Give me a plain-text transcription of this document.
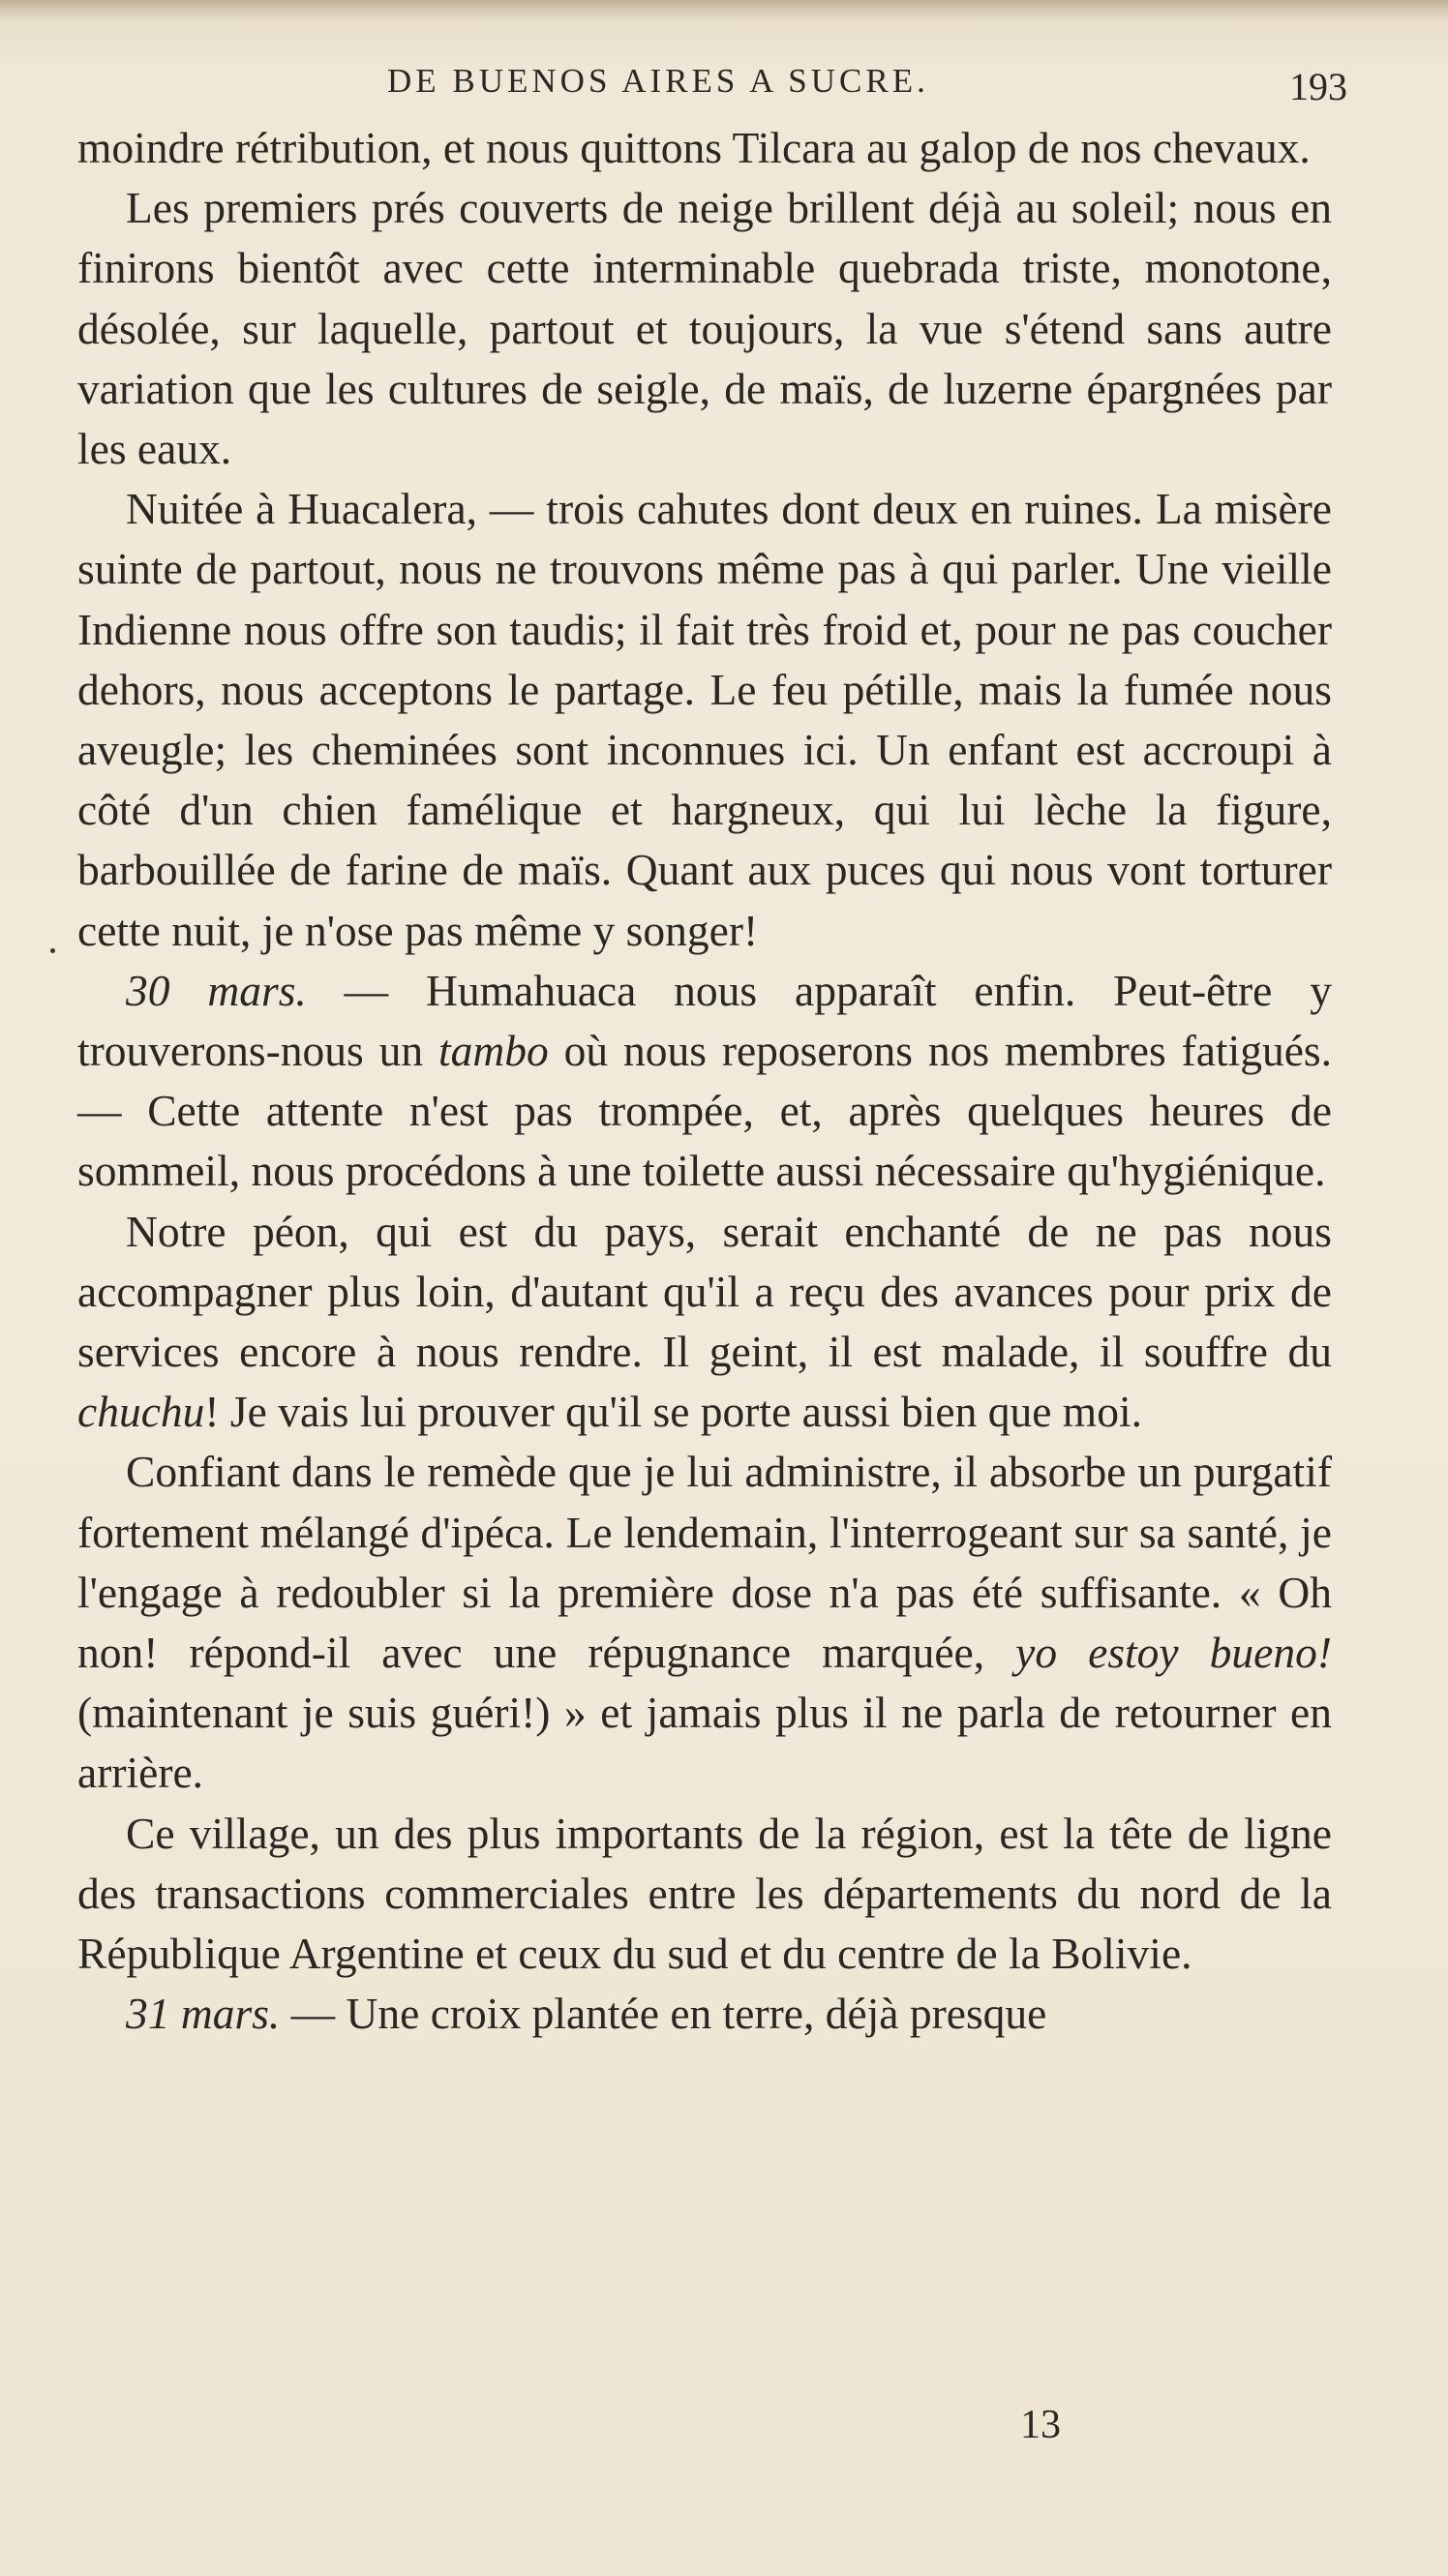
DE BUENOS AIRES A SUCRE.	193

moindre rétribution, et nous quittons Tilcara au galop de nos chevaux.

Les premiers prés couverts de neige brillent déjà au soleil; nous en finirons bientôt avec cette interminable quebrada triste, monotone, désolée, sur laquelle, partout et toujours, la vue s'étend sans autre variation que les cultures de seigle, de maïs, de luzerne épargnées par les eaux.

Nuitée à Huacalera, — trois cahutes dont deux en ruines. La misère suinte de partout, nous ne trouvons même pas à qui parler. Une vieille Indienne nous offre son taudis; il fait très froid et, pour ne pas coucher dehors, nous acceptons le partage. Le feu pétille, mais la fumée nous aveugle; les cheminées sont inconnues ici. Un enfant est accroupi à côté d'un chien famélique et hargneux, qui lui lèche la figure, barbouillée de farine de maïs. Quant aux puces qui nous vont torturer cette nuit, je n'ose pas même y songer!

30 mars. — Humahuaca nous apparaît enfin. Peut-être y trouverons-nous un tambo où nous reposerons nos membres fatigués. — Cette attente n'est pas trompée, et, après quelques heures de sommeil, nous procédons à une toilette aussi nécessaire qu'hygiénique.

Notre péon, qui est du pays, serait enchanté de ne pas nous accompagner plus loin, d'autant qu'il a reçu des avances pour prix de services encore à nous rendre. Il geint, il est malade, il souffre du chuchu! Je vais lui prouver qu'il se porte aussi bien que moi.

Confiant dans le remède que je lui administre, il absorbe un purgatif fortement mélangé d'ipéca. Le lendemain, l'interrogeant sur sa santé, je l'engage à redoubler si la première dose n'a pas été suffisante. « Oh non! répond-il avec une répugnance marquée, yo estoy bueno! (maintenant je suis guéri!) » et jamais plus il ne parla de retourner en arrière.

Ce village, un des plus importants de la région, est la tête de ligne des transactions commerciales entre les départements du nord de la République Argentine et ceux du sud et du centre de la Bolivie.

31 mars. — Une croix plantée en terre, déjà presque

13
